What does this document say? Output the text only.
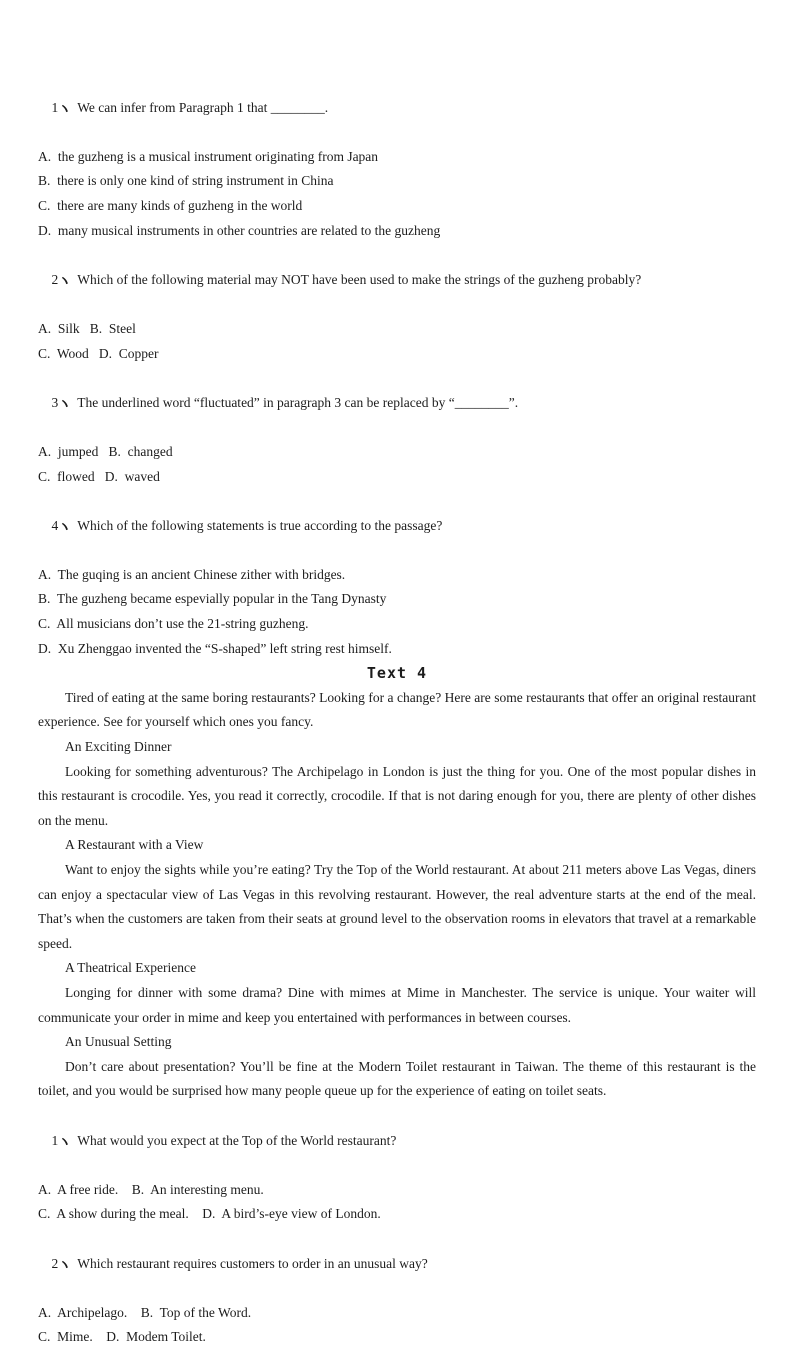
1 We can infer from Paragraph 1 that ________.

A.  the guzheng is a musical instrument originating from Japan
B.  there is only one kind of string instrument in China
C.  there are many kinds of guzheng in the world
D.  many musical instruments in other countries are related to the guzheng

2 Which of the following material may NOT have been used to make the strings of the guzheng probably?

A.  Silk   B.  Steel
C.  Wood   D.  Copper

3 The underlined word “fluctuated” in paragraph 3 can be replaced by “________”.

A.  jumped   B.  changed
C.  flowed   D.  waved

4 Which of the following statements is true according to the passage?

A.  The guqing is an ancient Chinese zither with bridges.
B.  The guzheng became espevially popular in the Tang Dynasty
C.  All musicians don’t use the 21-string guzheng.
D.  Xu Zhenggao invented the “S-shaped” left string rest himself.
Text 4

Tired of eating at the same boring restaurants? Looking for a change? Here are some restaurants that offer an original restaurant experience. See for yourself which ones you fancy.

An Exciting Dinner

Looking for something adventurous? The Archipelago in London is just the thing for you. One of the most popular dishes in this restaurant is crocodile. Yes, you read it correctly, crocodile. If that is not daring enough for you, there are plenty of other dishes on the menu.

A Restaurant with a View

Want to enjoy the sights while you’re eating? Try the Top of the World restaurant. At about 211 meters above Las Vegas, diners can enjoy a spectacular view of Las Vegas in this revolving restaurant. However, the real adventure starts at the end of the meal. That’s when the customers are taken from their seats at ground level to the observation rooms in elevators that travel at a remarkable speed.

A Theatrical Experience

Longing for dinner with some drama? Dine with mimes at Mime in Manchester. The service is unique. Your waiter will communicate your order in mime and keep you entertained with performances in between courses.

An Unusual Setting

Don’t care about presentation? You’ll be fine at the Modern Toilet restaurant in Taiwan. The theme of this restaurant is the toilet, and you would be surprised how many people queue up for the experience of eating on toilet seats.

1 What would you expect at the Top of the World restaurant?

A.  A free ride.    B.  An interesting menu.
C.  A show during the meal.    D.  A bird’s-eye view of London.

2 Which restaurant requires customers to order in an unusual way?

A.  Archipelago.    B.  Top of the Word.
C.  Mime.    D.  Modem Toilet.
